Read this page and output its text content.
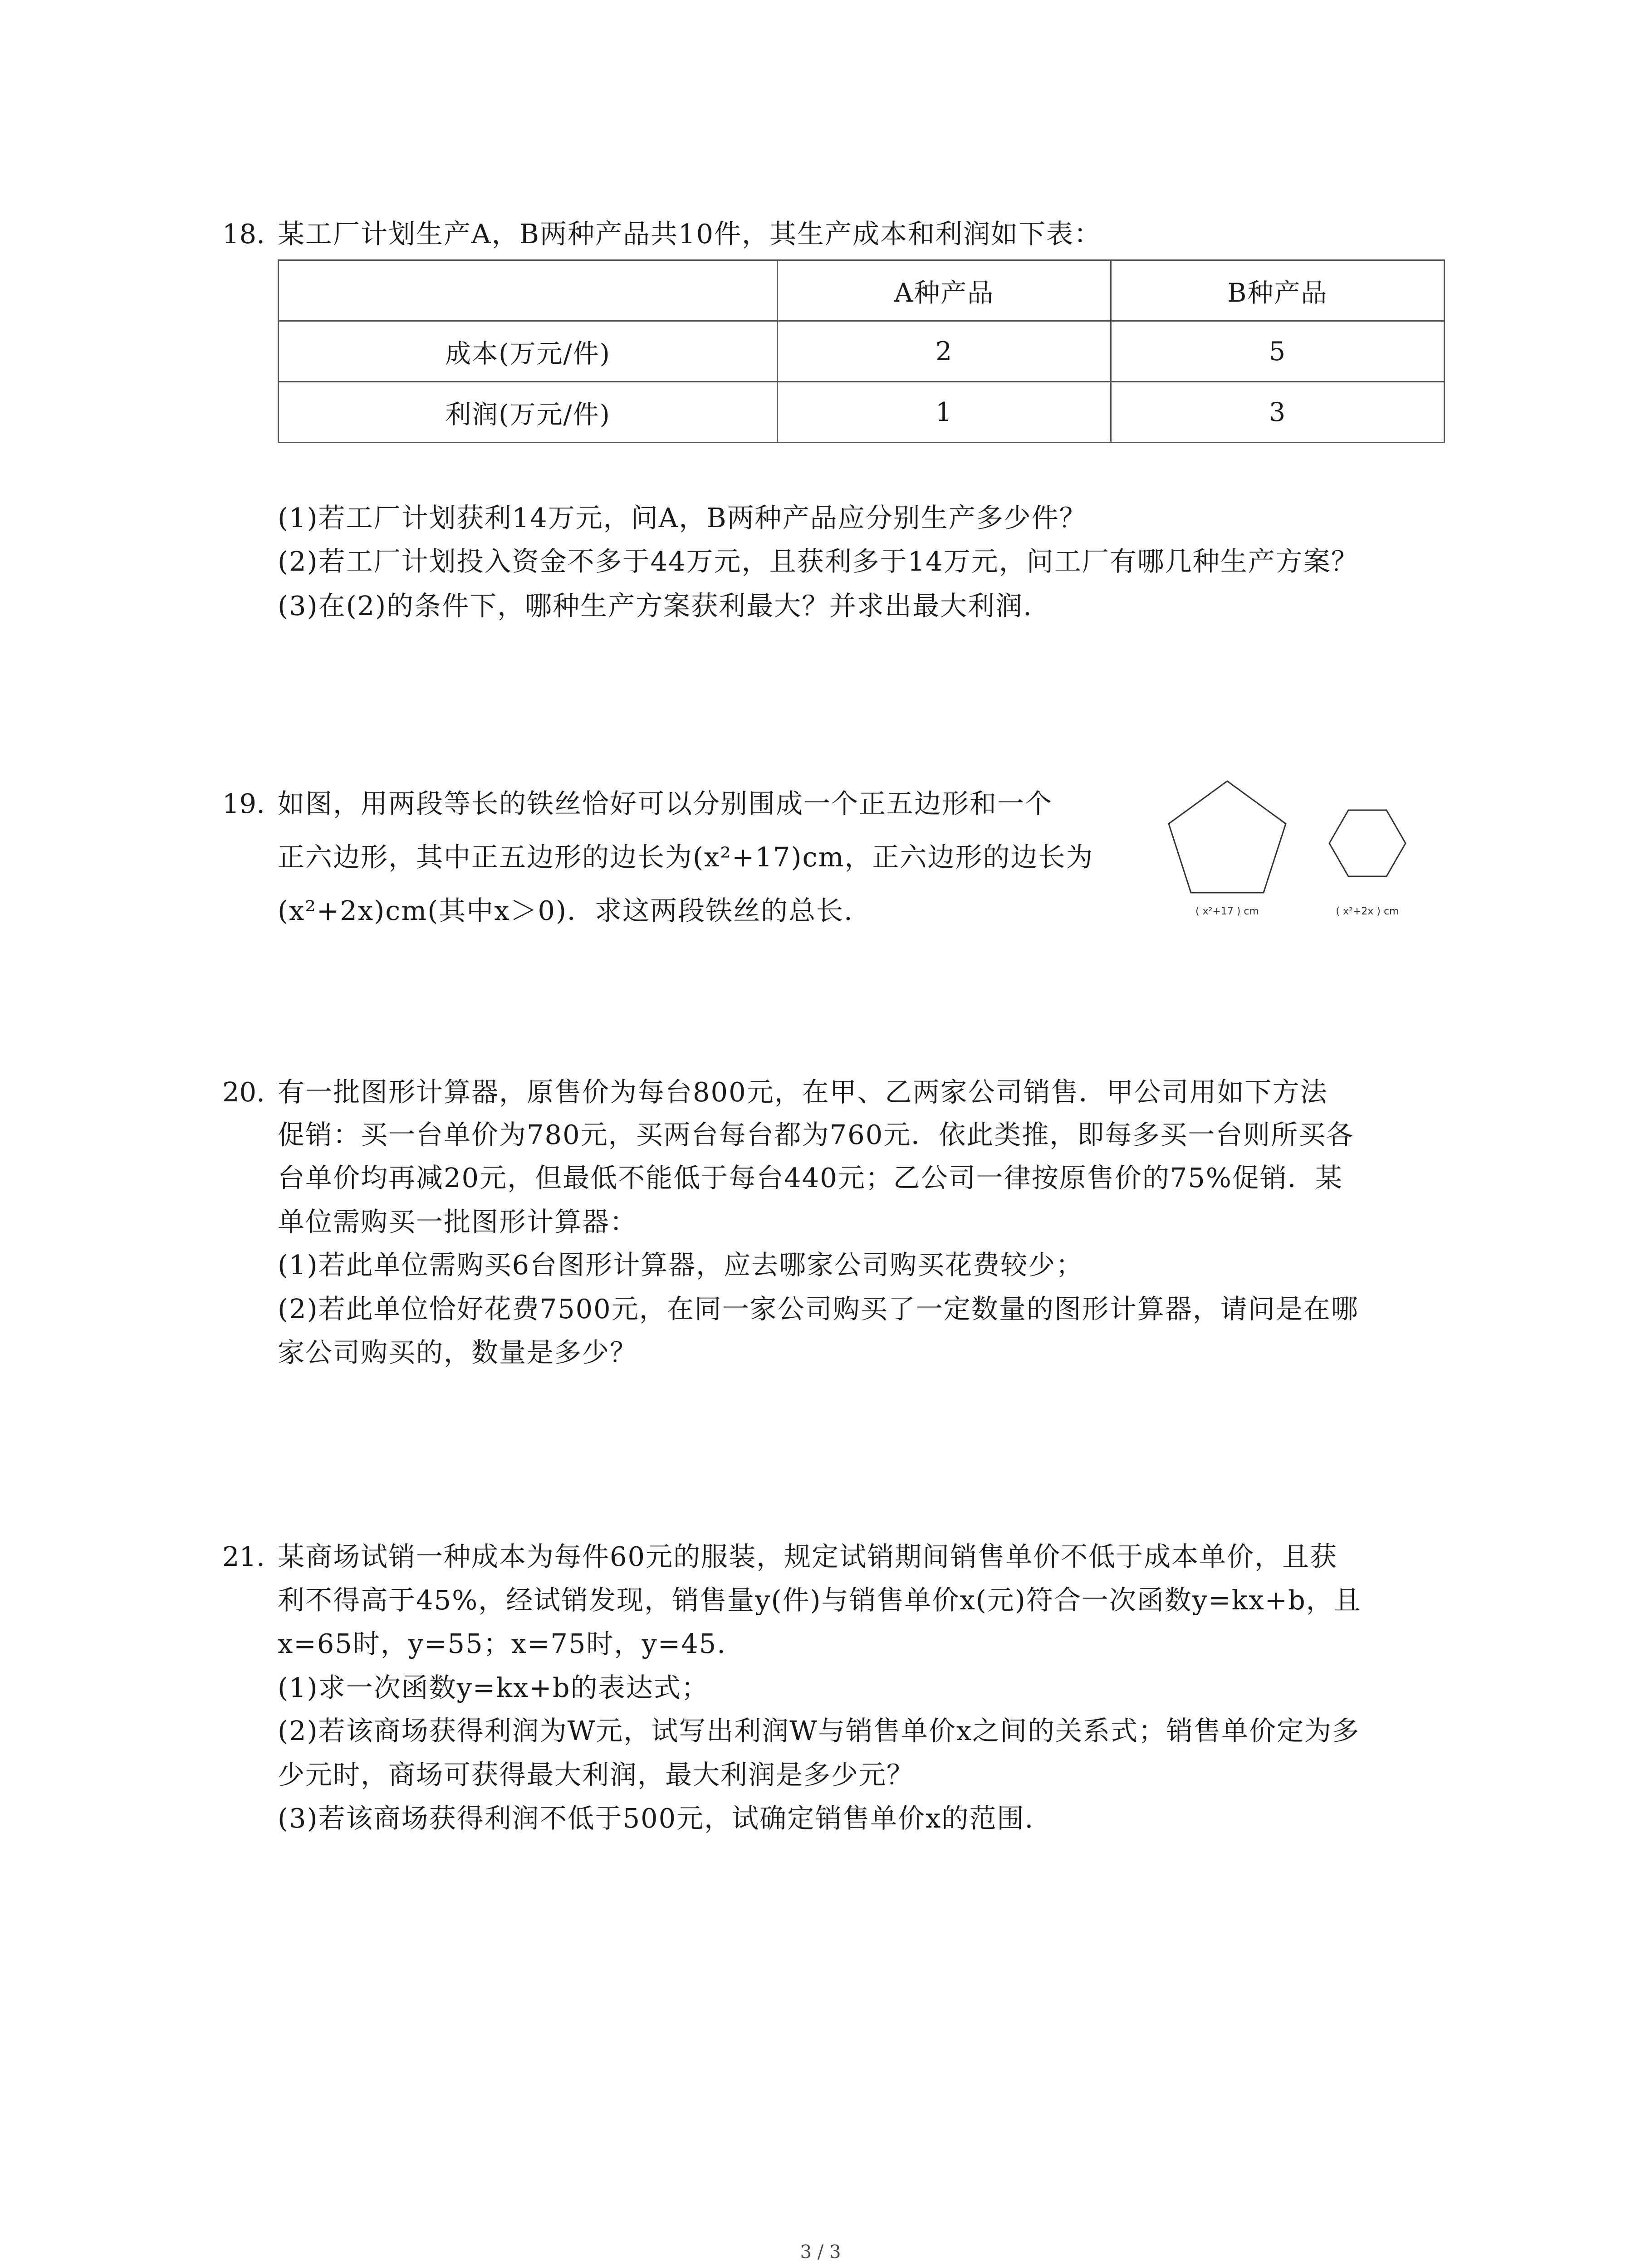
18. 某工厂计划生产A，B两种产品共10件，其生产成本和利润如下表：
	A种产品	B种产品
成本(万元/件)	2	5
利润(万元/件)	1	3
(1)若工厂计划获利14万元，问A，B两种产品应分别生产多少件？
(2)若工厂计划投入资金不多于44万元，且获利多于14万元，问工厂有哪几种生产方案？
(3)在(2)的条件下，哪种生产方案获利最大？并求出最大利润.
19. 如图，用两段等长的铁丝恰好可以分别围成一个正五边形和一个
正六边形，其中正五边形的边长为(x²+17)cm，正六边形的边长为
(x²+2x)cm(其中x＞0)．求这两段铁丝的总长.	( x²+17 ) cm	( x²+2x ) cm
20. 有一批图形计算器，原售价为每台800元，在甲、乙两家公司销售．甲公司用如下方法
促销：买一台单价为780元，买两台每台都为760元．依此类推，即每多买一台则所买各
台单价均再减20元，但最低不能低于每台440元；乙公司一律按原售价的75%促销．某
单位需购买一批图形计算器：
(1)若此单位需购买6台图形计算器，应去哪家公司购买花费较少；
(2)若此单位恰好花费7500元，在同一家公司购买了一定数量的图形计算器，请问是在哪
家公司购买的，数量是多少？
21. 某商场试销一种成本为每件60元的服装，规定试销期间销售单价不低于成本单价，且获
利不得高于45%，经试销发现，销售量y(件)与销售单价x(元)符合一次函数y=kx+b，且
x=65时，y=55；x=75时，y=45.
(1)求一次函数y=kx+b的表达式；
(2)若该商场获得利润为W元，试写出利润W与销售单价x之间的关系式；销售单价定为多
少元时，商场可获得最大利润，最大利润是多少元？
(3)若该商场获得利润不低于500元，试确定销售单价x的范围.
3 / 3
